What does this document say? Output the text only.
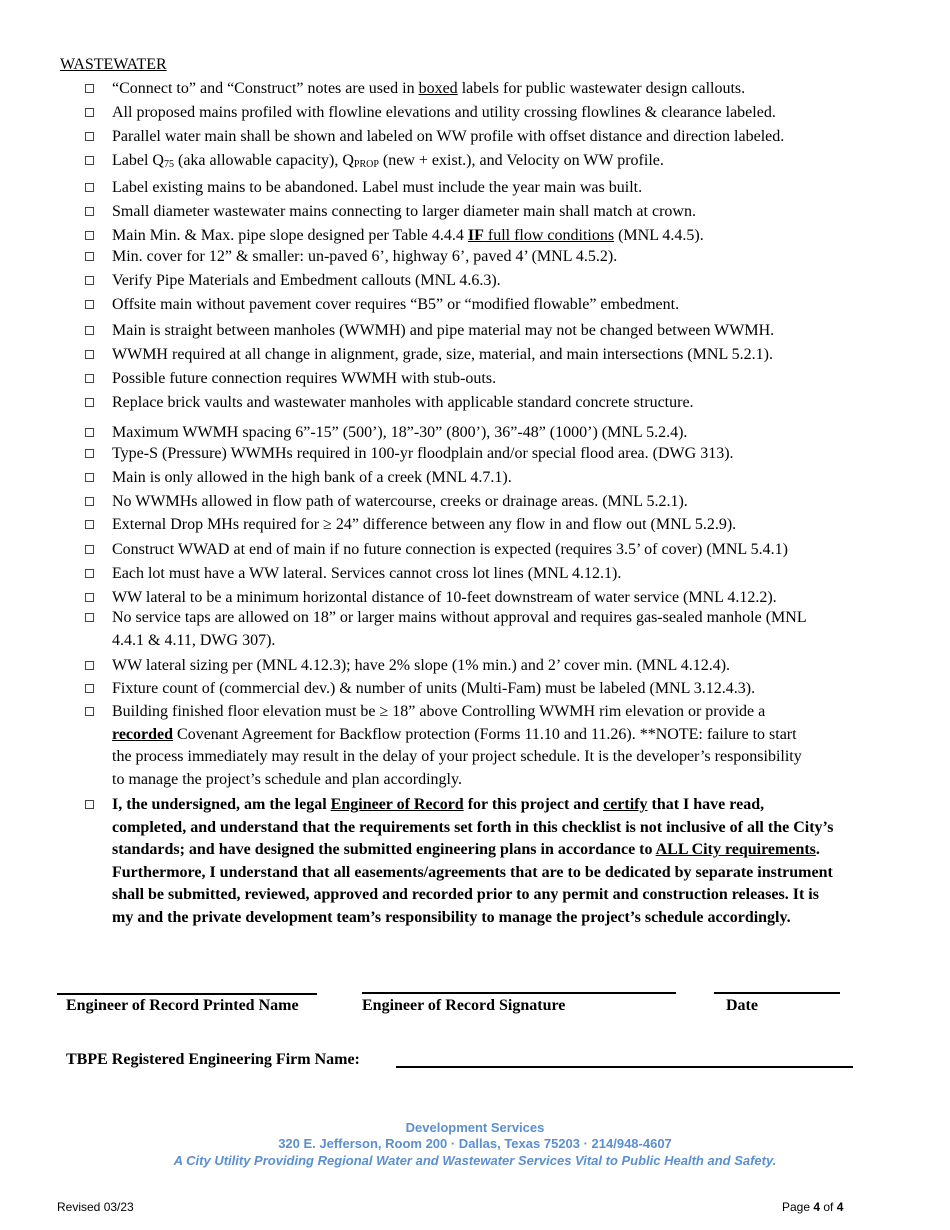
WASTEWATER
“Connect to” and “Construct” notes are used in boxed labels for public wastewater design callouts.
All proposed mains profiled with flowline elevations and utility crossing flowlines & clearance labeled.
Parallel water main shall be shown and labeled on WW profile with offset distance and direction labeled.
Label $Q_{75}$ (aka allowable capacity), $Q_{PROP}$ (new + exist.), and Velocity on WW profile.
Label existing mains to be abandoned. Label must include the year main was built.
Small diameter wastewater mains connecting to larger diameter main shall match at crown.
Main Min. & Max. pipe slope designed per Table 4.4.4 IF full flow conditions (MNL 4.4.5).
Min. cover for 12” & smaller: un-paved 6’, highway 6’, paved 4’ (MNL 4.5.2).
Verify Pipe Materials and Embedment callouts (MNL 4.6.3).
Offsite main without pavement cover requires “B5” or “modified flowable” embedment.
Main is straight between manholes (WWMH) and pipe material may not be changed between WWMH.
WWMH required at all change in alignment, grade, size, material, and main intersections (MNL 5.2.1).
Possible future connection requires WWMH with stub-outs.
Replace brick vaults and wastewater manholes with applicable standard concrete structure.
Maximum WWMH spacing 6”-15” (500’), 18”-30” (800’), 36”-48” (1000’) (MNL 5.2.4).
Type-S (Pressure) WWMHs required in 100-yr floodplain and/or special flood area. (DWG 313).
Main is only allowed in the high bank of a creek (MNL 4.7.1).
No WWMHs allowed in flow path of watercourse, creeks or drainage areas. (MNL 5.2.1).
External Drop MHs required for ≥ 24” difference between any flow in and flow out (MNL 5.2.9).
Construct WWAD at end of main if no future connection is expected (requires 3.5’ of cover) (MNL 5.4.1)
Each lot must have a WW lateral. Services cannot cross lot lines (MNL 4.12.1).
WW lateral to be a minimum horizontal distance of 10-feet downstream of water service (MNL 4.12.2).
No service taps are allowed on 18” or larger mains without approval and requires gas-sealed manhole (MNL 4.4.1 & 4.11, DWG 307).
WW lateral sizing per (MNL 4.12.3); have 2% slope (1% min.) and 2’ cover min. (MNL 4.12.4).
Fixture count of (commercial dev.) & number of units (Multi-Fam) must be labeled (MNL 3.12.4.3).
Building finished floor elevation must be ≥ 18” above Controlling WWMH rim elevation or provide a recorded Covenant Agreement for Backflow protection (Forms 11.10 and 11.26). **NOTE: failure to start the process immediately may result in the delay of your project schedule. It is the developer’s responsibility to manage the project’s schedule and plan accordingly.
I, the undersigned, am the legal Engineer of Record for this project and certify that I have read, completed, and understand that the requirements set forth in this checklist is not inclusive of all the City’s standards; and have designed the submitted engineering plans in accordance to ALL City requirements. Furthermore, I understand that all easements/agreements that are to be dedicated by separate instrument shall be submitted, reviewed, approved and recorded prior to any permit and construction releases. It is my and the private development team’s responsibility to manage the project’s schedule accordingly.
Engineer of Record Printed Name	Engineer of Record Signature	Date
TBPE Registered Engineering Firm Name:
Development Services
320 E. Jefferson, Room 200 · Dallas, Texas 75203 · 214/948-4607
A City Utility Providing Regional Water and Wastewater Services Vital to Public Health and Safety.
Revised 03/23	Page 4 of 4
